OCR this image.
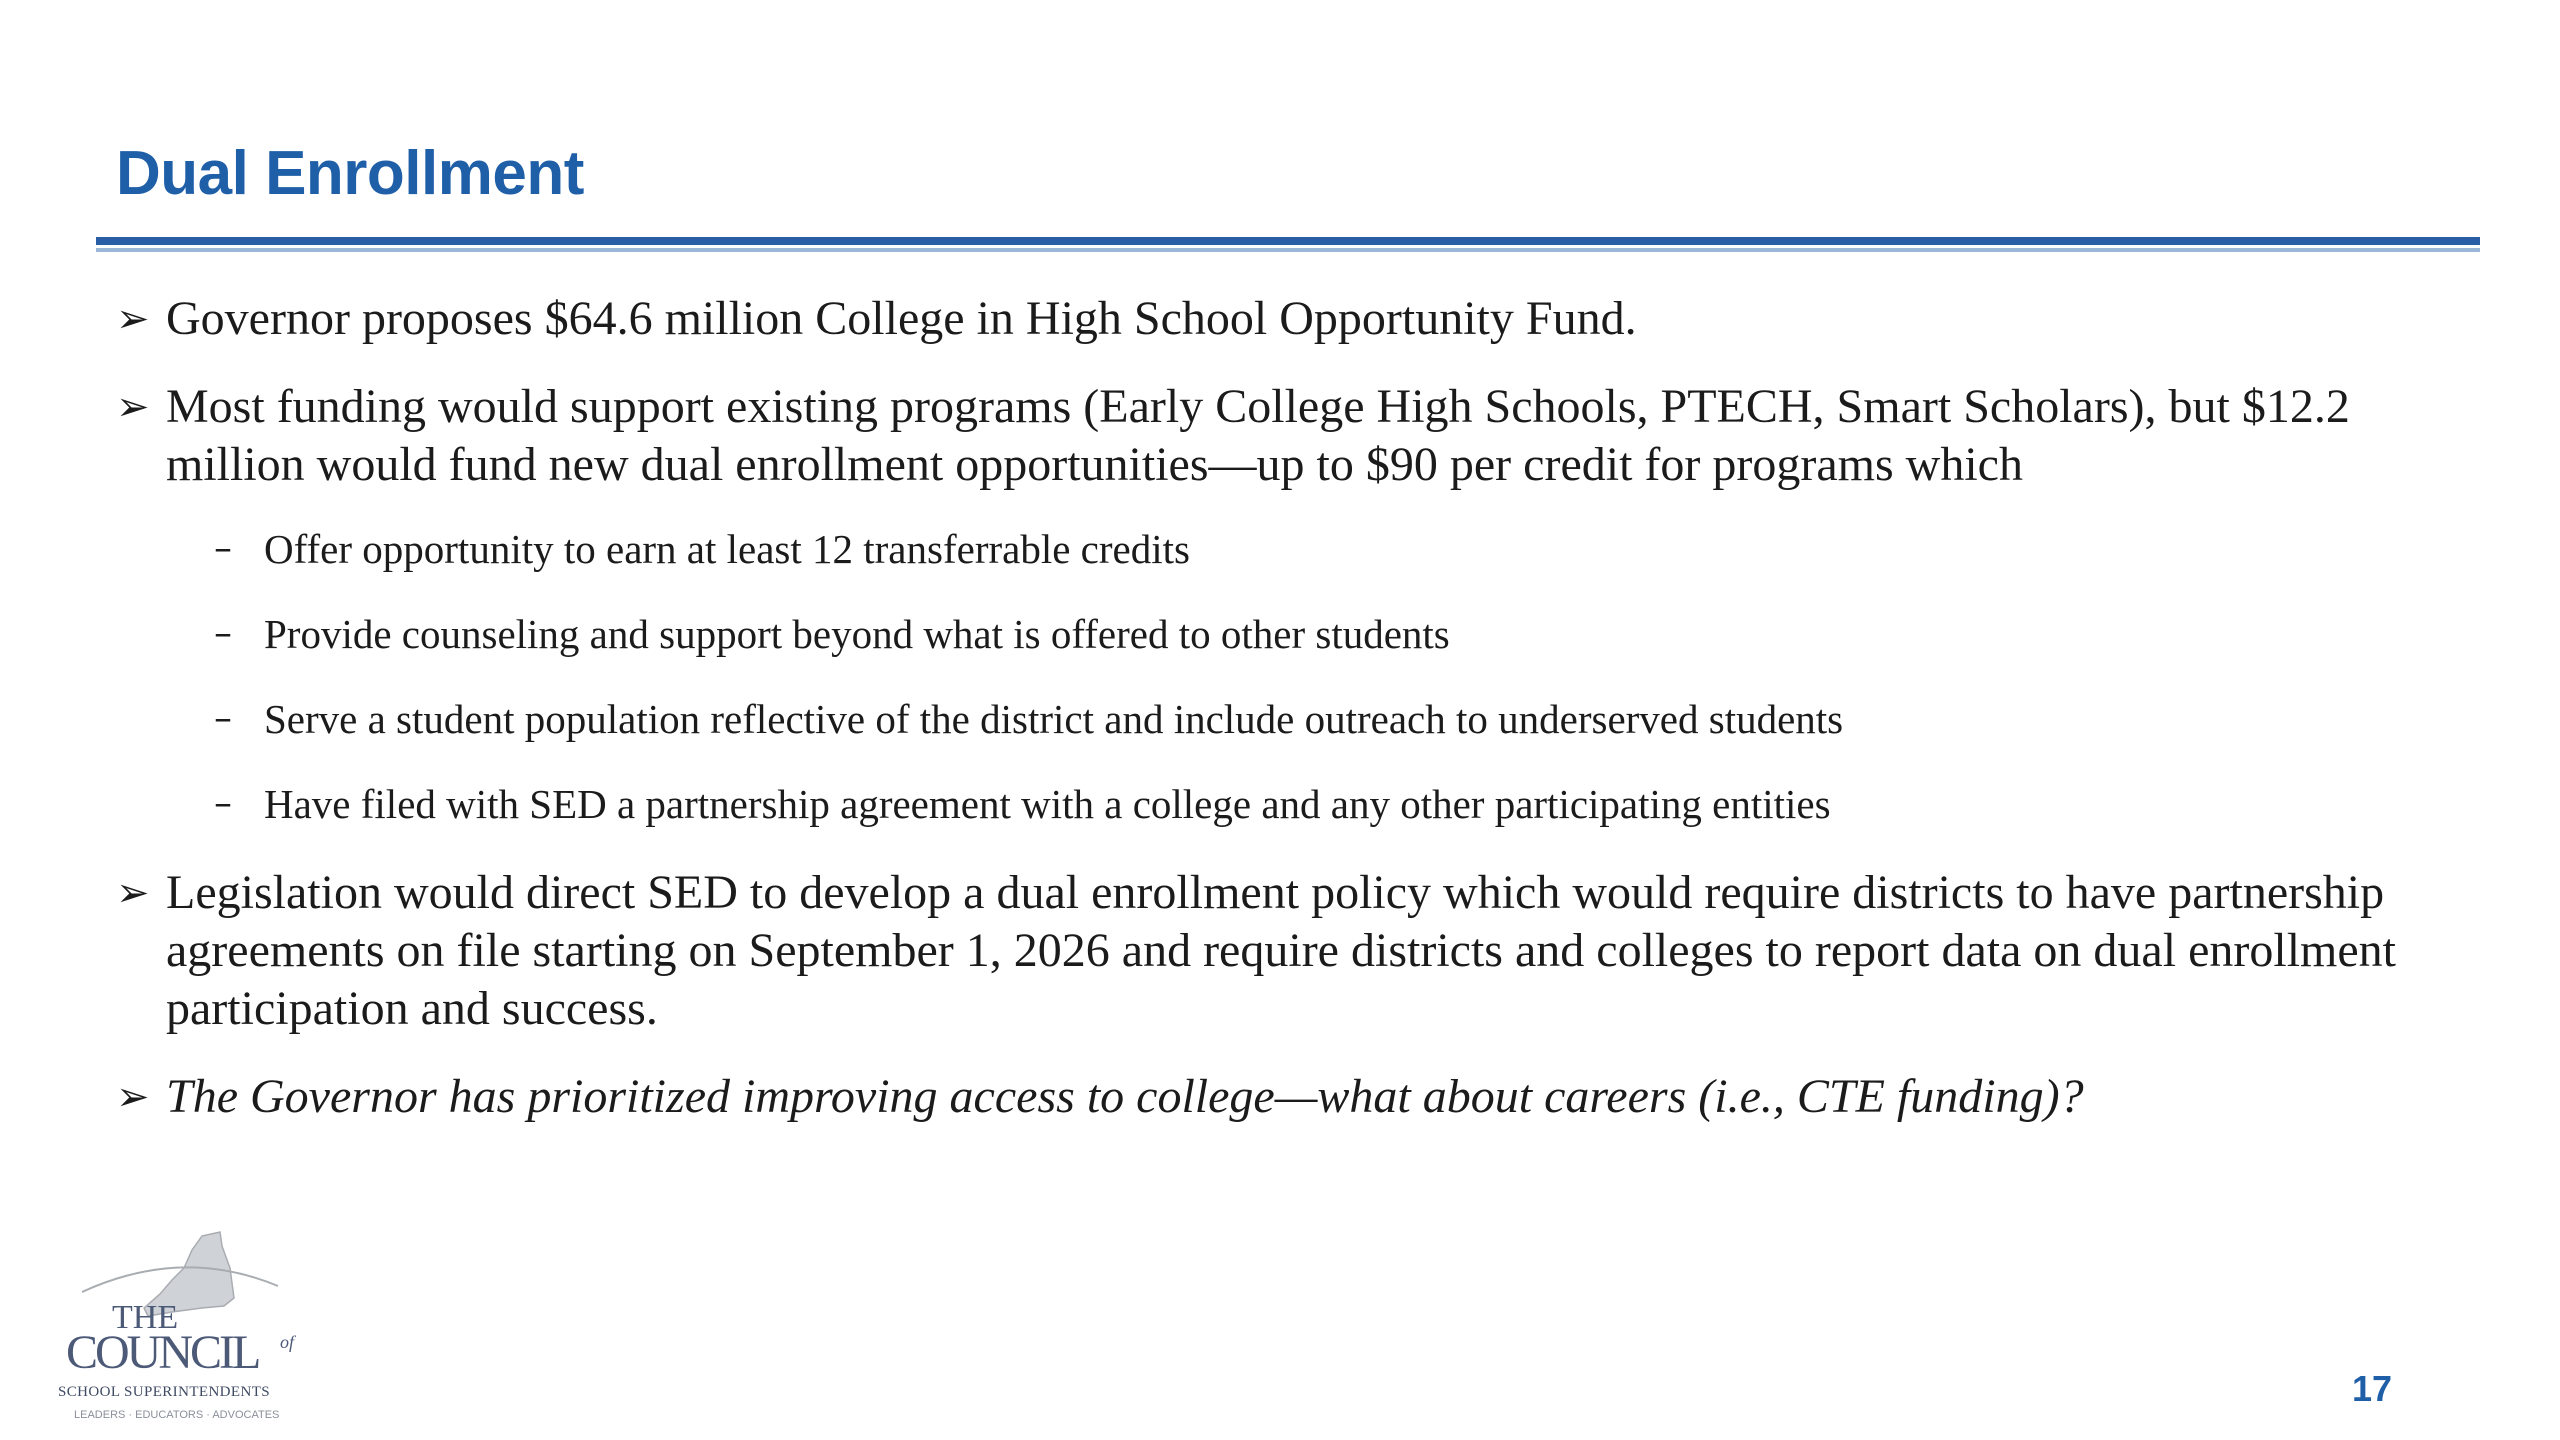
Dual Enrollment
➢ Governor proposes $64.6 million College in High School Opportunity Fund.
➢ Most funding would support existing programs (Early College High Schools, PTECH, Smart Scholars), but $12.2 million would fund new dual enrollment opportunities—up to $90 per credit for programs which
– Offer opportunity to earn at least 12 transferrable credits
– Provide counseling and support beyond what is offered to other students
– Serve a student population reflective of the district and include outreach to underserved students
– Have filed with SED a partnership agreement with a college and any other participating entities
➢ Legislation would direct SED to develop a dual enrollment policy which would require districts to have partnership agreements on file starting on September 1, 2026 and require districts and colleges to report data on dual enrollment participation and success.
➢ The Governor has prioritized improving access to college—what about careers (i.e., CTE funding)?
THE
COUNCIL of
SCHOOL SUPERINTENDENTS
LEADERS · EDUCATORS · ADVOCATES
17
